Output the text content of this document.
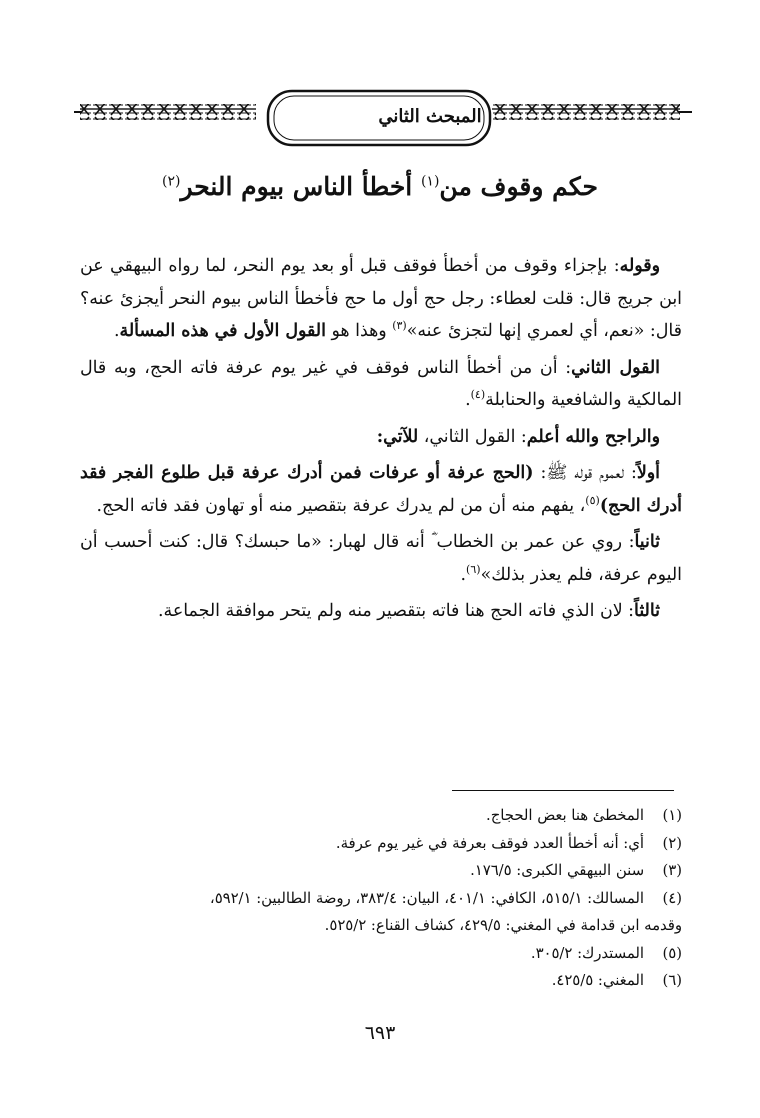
المبحث الثاني
حكم وقوف من$^{(١)}$ أخطأ الناس بيوم النحر$^{(٢)}$

وقوله: بإجزاء وقوف من أخطأ فوقف قبل أو بعد يوم النحر، لما رواه البيهقي عن ابن جريج قال: قلت لعطاء: رجل حج أول ما حج فأخطأ الناس بيوم النحر أيجزئ عنه؟ قال: «نعم، أي لعمري إنها لتجزئ عنه»$^{(٣)}$ وهذا هو القول الأول في هذه المسألة.

القول الثاني: أن من أخطأ الناس فوقف في غير يوم عرفة فاته الحج، وبه قال المالكية والشافعية والحنابلة$^{(٤)}$.

والراجح والله أعلم: القول الثاني، للآتي:

أولاً: لعموم قوله ﷺ: (الحج عرفة أو عرفات فمن أدرك عرفة قبل طلوع الفجر فقد أدرك الحج)$^{(٥)}$، يفهم منه أن من لم يدرك عرفة بتقصير منه أو تهاون فقد فاته الحج.

ثانياً: روي عن عمر بن الخطاب ؓ أنه قال لهبار: «ما حبسك؟ قال: كنت أحسب أن اليوم عرفة، فلم يعذر بذلك»$^{(٦)}$.

ثالثاً: لان الذي فاته الحج هنا فاته بتقصير منه ولم يتحر موافقة الجماعة.

(١)
المخطئ هنا بعض الحجاج.
(٢)
أي: أنه أخطأ العدد فوقف بعرفة في غير يوم عرفة.
(٣)
سنن البيهقي الكبرى: ١٧٦/٥.
(٤)
المسالك: ٥١٥/١، الكافي: ٤٠١/١، البيان: ٣٨٣/٤، روضة الطالبين: ٥٩٢/١،
وقدمه ابن قدامة في المغني: ٤٢٩/٥، كشاف القناع: ٥٢٥/٢.
(٥)
المستدرك: ٣٠٥/٢.
(٦)
المغني: ٤٢٥/٥.
٦٩٣
